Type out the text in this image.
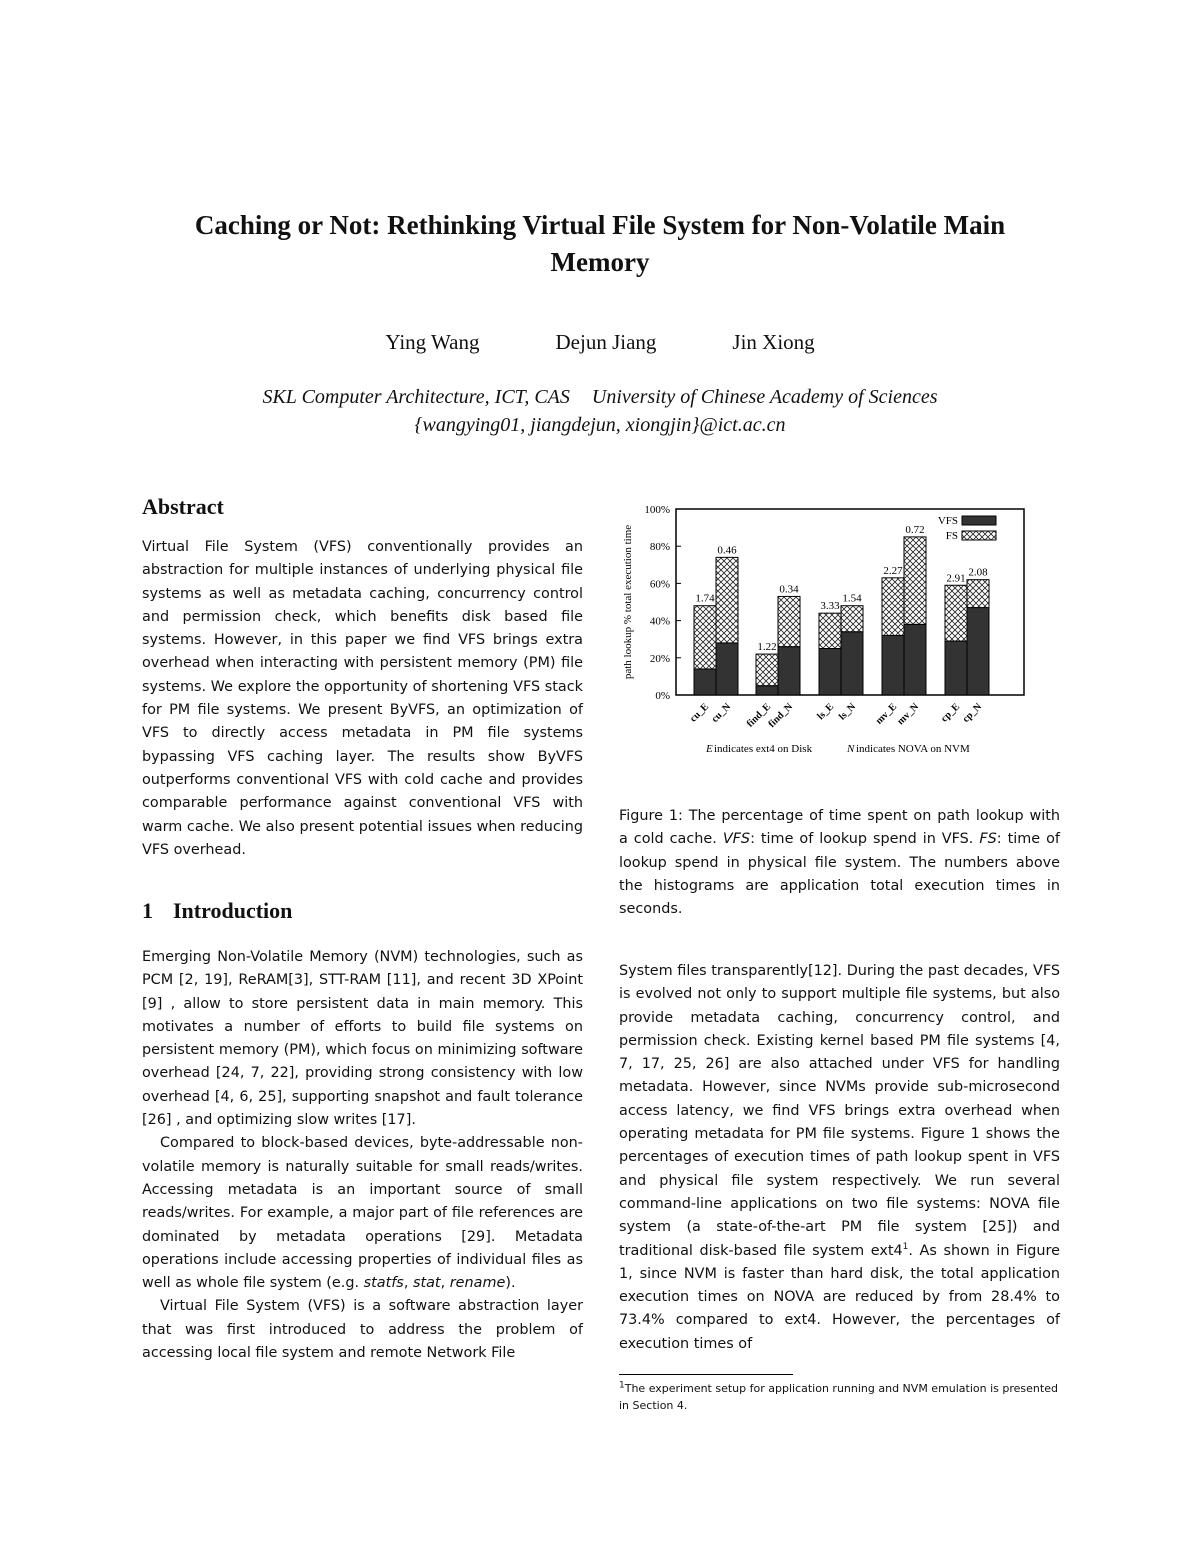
Caching or Not: Rethinking Virtual File System for Non-Volatile Main
Memory
Ying Wang	Dejun Jiang	Jin Xiong
SKL Computer Architecture, ICT, CAS University of Chinese Academy of Sciences
{wangying01, jiangdejun, xiongjin}@ict.ac.cn
Abstract

Virtual File System (VFS) conventionally provides an abstraction for multiple instances of underlying physical file systems as well as metadata caching, concurrency control and permission check, which benefits disk based file systems. However, in this paper we find VFS brings extra overhead when interacting with persistent memory (PM) file systems. We explore the opportunity of shortening VFS stack for PM file systems. We present ByVFS, an optimization of VFS to directly access metadata in PM file systems bypassing VFS caching layer. The results show ByVFS outperforms conventional VFS with cold cache and provides comparable performance against conventional VFS with warm cache. We also present potential issues when reducing VFS overhead.

1 Introduction

Emerging Non-Volatile Memory (NVM) technologies, such as PCM [2, 19], ReRAM[3], STT-RAM [11], and recent 3D XPoint [9] , allow to store persistent data in main memory. This motivates a number of efforts to build file systems on persistent memory (PM), which focus on minimizing software overhead [24, 7, 22], providing strong consistency with low overhead [4, 6, 25], supporting snapshot and fault tolerance [26] , and optimizing slow writes [17].

Compared to block-based devices, byte-addressable non-volatile memory is naturally suitable for small reads/writes. Accessing metadata is an important source of small reads/writes. For example, a major part of file references are dominated by metadata operations [29]. Metadata operations include accessing properties of individual files as well as whole file system (e.g. statfs, stat, rename).

Virtual File System (VFS) is a software abstraction layer that was first introduced to address the problem of accessing local file system and remote Network File

0%
20%
40%
60%
80%
100%
path lookup % total execution time	1.74
cu_E
0.46
cu_N
1.22
find_E
0.34
find_N
3.33
ls_E
1.54
ls_N
2.27
mv_E
0.72
mv_N
2.91
cp_E
2.08
cp_N
VFS
FS
E indicates ext4 on Disk	N indicates NOVA on NVM
Figure 1: The percentage of time spent on path lookup with a cold cache. VFS: time of lookup spend in VFS. FS: time of lookup spend in physical file system. The numbers above the histograms are application total execution times in seconds.

System files transparently[12]. During the past decades, VFS is evolved not only to support multiple file systems, but also provide metadata caching, concurrency control, and permission check. Existing kernel based PM file systems [4, 7, 17, 25, 26] are also attached under VFS for handling metadata. However, since NVMs provide sub-microsecond access latency, we find VFS brings extra overhead when operating metadata for PM file systems. Figure 1 shows the percentages of execution times of path lookup spent in VFS and physical file system respectively. We run several command-line applications on two file systems: NOVA file system (a state-of-the-art PM file system [25]) and traditional disk-based file system $ext4^1$. As shown in Figure 1, since NVM is faster than hard disk, the total application execution times on NOVA are reduced by from 28.4% to 73.4% compared to ext4. However, the percentages of execution times of

$^1$The experiment setup for application running and NVM emulation is presented in Section 4.
